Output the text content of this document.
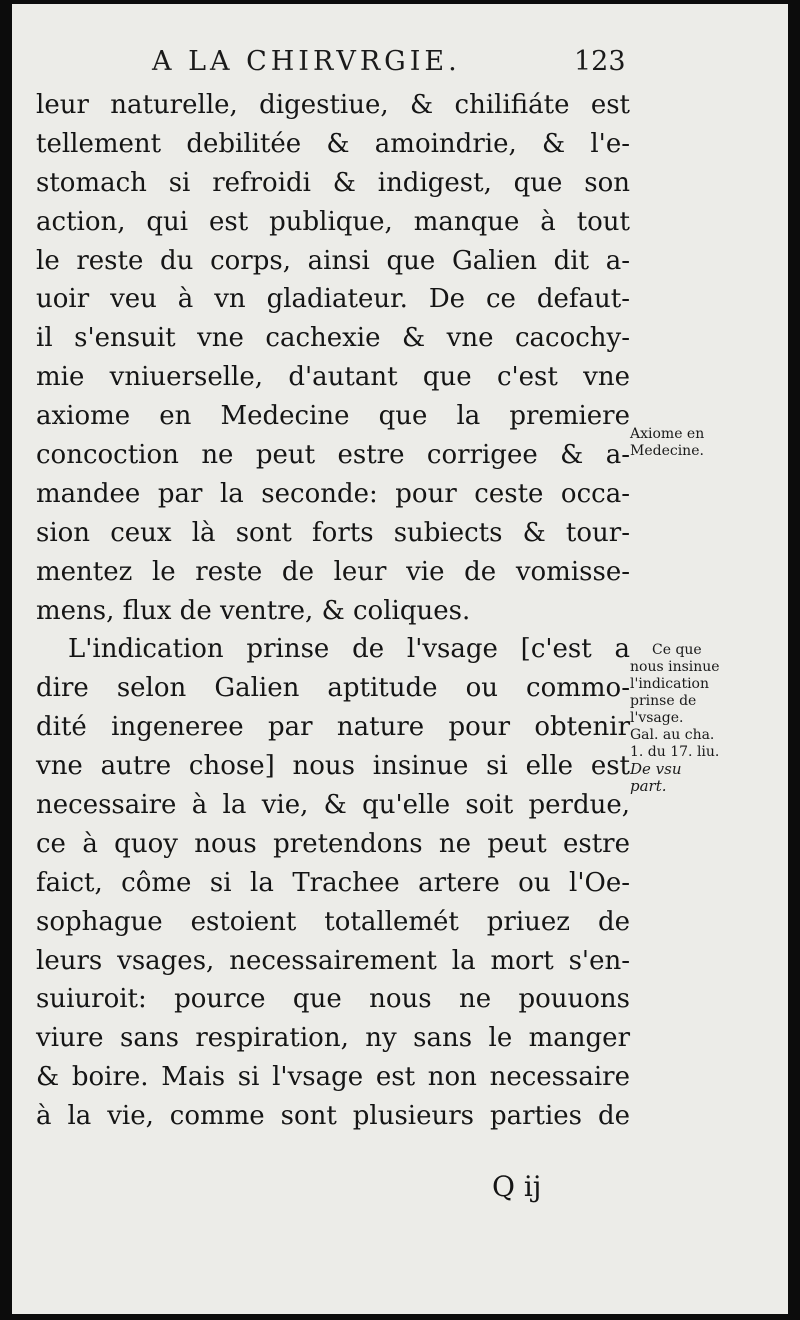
A LA CHIRVRGIE.	123
leur naturelle, digestiue, & chilifiáte est
tellement debilitée & amoindrie, & l'e-
stomach si refroidi & indigest, que son
action, qui est publique, manque à tout
le reste du corps, ainsi que Galien dit a-
uoir veu à vn gladiateur. De ce defaut-
il s'ensuit vne cachexie & vne cacochy-
mie vniuerselle, d'autant que c'est vne
axiome en Medecine que la premiere
concoction ne peut estre corrigee & a-
mandee par la seconde: pour ceste occa-
sion ceux là sont forts subiects & tour-
mentez le reste de leur vie de vomisse-
mens, flux de ventre, & coliques.
L'indication prinse de l'vsage [c'est a
dire selon Galien aptitude ou commo-
dité ingeneree par nature pour obtenir
vne autre chose] nous insinue si elle est
necessaire à la vie, & qu'elle soit perdue,
ce à quoy nous pretendons ne peut estre
faict, côme si la Trachee artere ou l'Oe-
sophague estoient totallemét priuez de
leurs vsages, necessairement la mort s'en-
suiuroit: pource que nous ne pouuons
viure sans respiration, ny sans le manger
& boire. Mais si l'vsage est non necessaire
à la vie, comme sont plusieurs parties de
Axiome en
Medecine.
Ce que
nous insinue
l'indication
prinse de
l'vsage.
Gal. au cha.
1. du 17. liu.
De vsu
part.
Q ij
